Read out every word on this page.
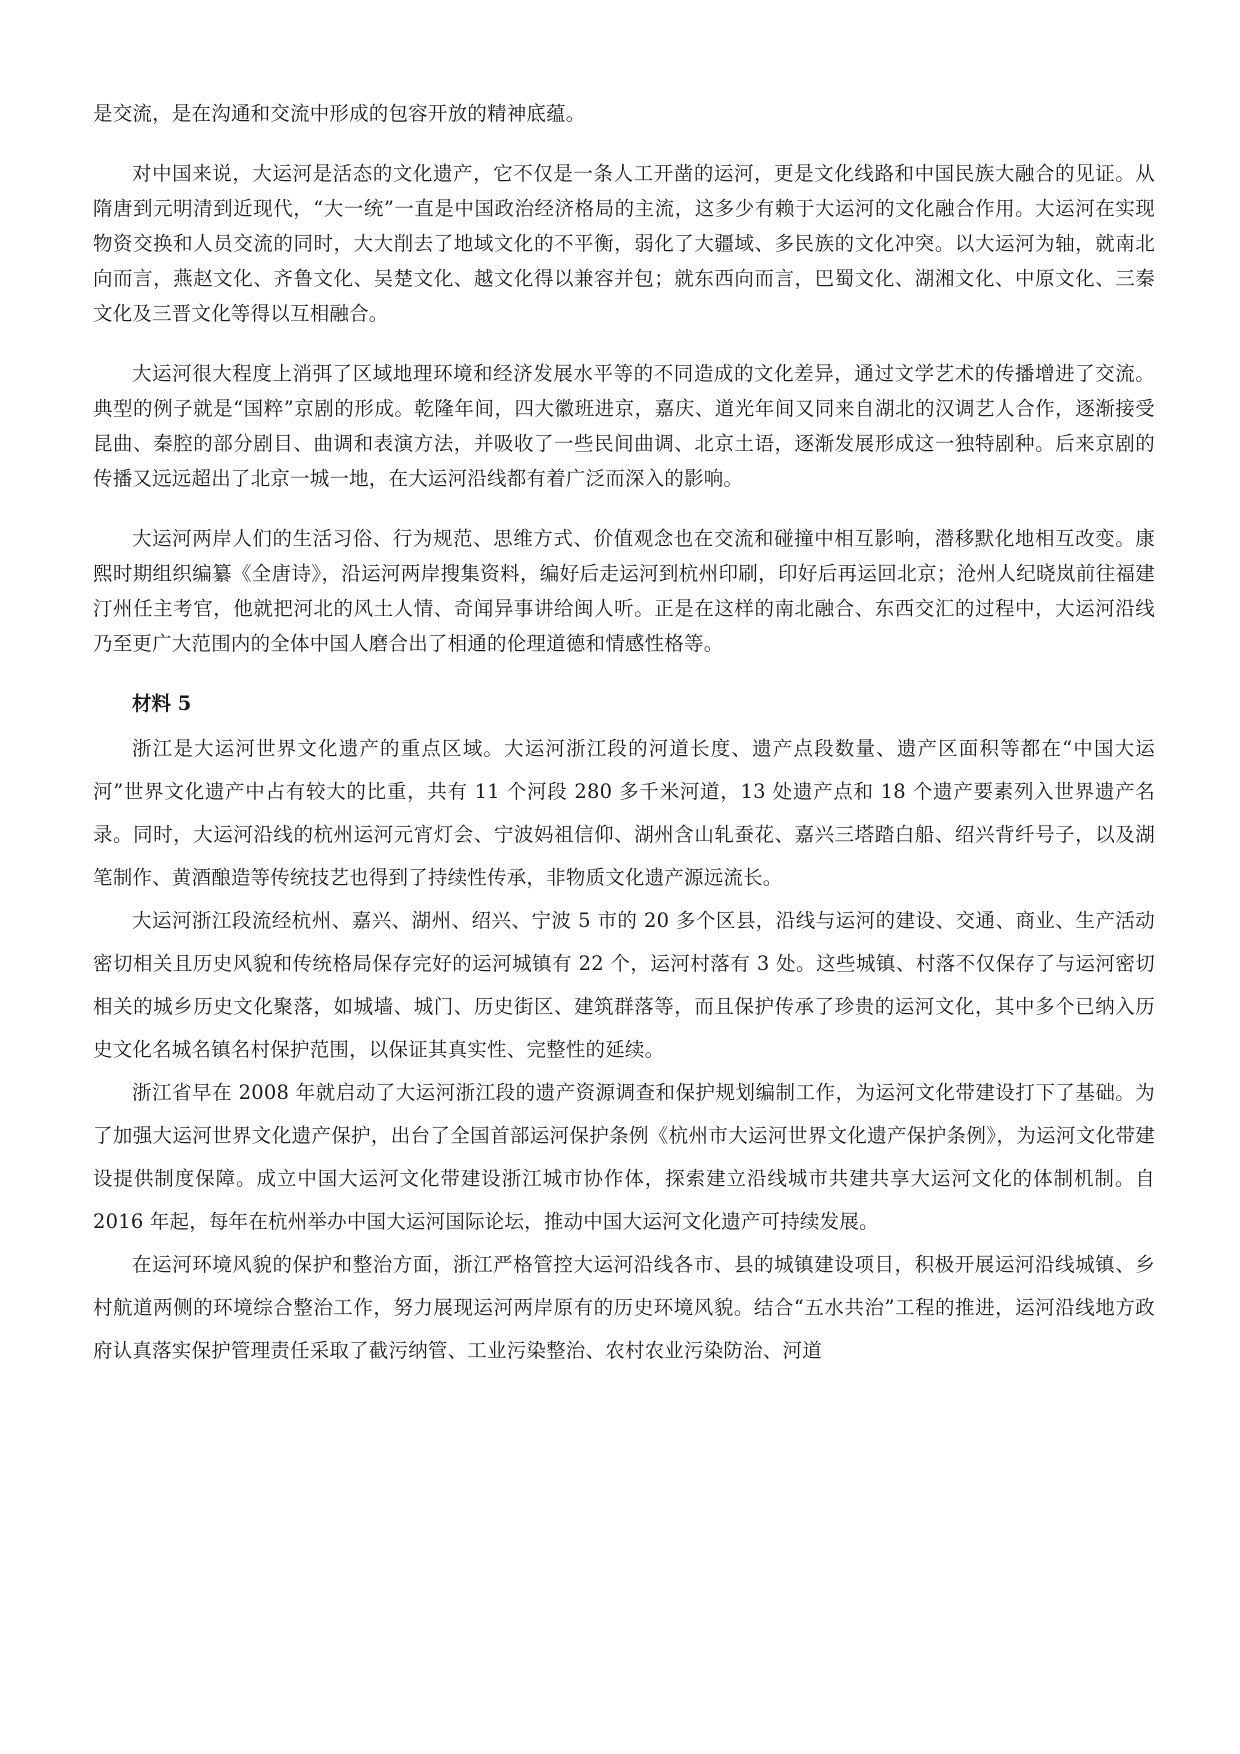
是交流，是在沟通和交流中形成的包容开放的精神底蕴。

对中国来说，大运河是活态的文化遗产，它不仅是一条人工开凿的运河，更是文化线路和中国民族大融合的见证。从隋唐到元明清到近现代，“大一统”一直是中国政治经济格局的主流，这多少有赖于大运河的文化融合作用。大运河在实现物资交换和人员交流的同时，大大削去了地域文化的不平衡，弱化了大疆域、多民族的文化冲突。以大运河为轴，就南北向而言，燕赵文化、齐鲁文化、吴楚文化、越文化得以兼容并包；就东西向而言，巴蜀文化、湖湘文化、中原文化、三秦文化及三晋文化等得以互相融合。

大运河很大程度上消弭了区域地理环境和经济发展水平等的不同造成的文化差异，通过文学艺术的传播增进了交流。典型的例子就是“国粹”京剧的形成。乾隆年间，四大徽班进京，嘉庆、道光年间又同来自湖北的汉调艺人合作，逐渐接受昆曲、秦腔的部分剧目、曲调和表演方法，并吸收了一些民间曲调、北京土语，逐渐发展形成这一独特剧种。后来京剧的传播又远远超出了北京一城一地，在大运河沿线都有着广泛而深入的影响。

大运河两岸人们的生活习俗、行为规范、思维方式、价值观念也在交流和碰撞中相互影响，潜移默化地相互改变。康熙时期组织编纂《全唐诗》，沿运河两岸搜集资料，编好后走运河到杭州印刷，印好后再运回北京；沧州人纪晓岚前往福建汀州任主考官，他就把河北的风土人情、奇闻异事讲给闽人听。正是在这样的南北融合、东西交汇的过程中，大运河沿线乃至更广大范围内的全体中国人磨合出了相通的伦理道德和情感性格等。

材料 5

浙江是大运河世界文化遗产的重点区域。大运河浙江段的河道长度、遗产点段数量、遗产区面积等都在“中国大运河”世界文化遗产中占有较大的比重，共有 11 个河段 280 多千米河道，13 处遗产点和 18 个遗产要素列入世界遗产名录。同时，大运河沿线的杭州运河元宵灯会、宁波妈祖信仰、湖州含山轧蚕花、嘉兴三塔踏白船、绍兴背纤号子，以及湖笔制作、黄酒酿造等传统技艺也得到了持续性传承，非物质文化遗产源远流长。

大运河浙江段流经杭州、嘉兴、湖州、绍兴、宁波 5 市的 20 多个区县，沿线与运河的建设、交通、商业、生产活动密切相关且历史风貌和传统格局保存完好的运河城镇有 22 个，运河村落有 3 处。这些城镇、村落不仅保存了与运河密切相关的城乡历史文化聚落，如城墙、城门、历史街区、建筑群落等，而且保护传承了珍贵的运河文化，其中多个已纳入历史文化名城名镇名村保护范围，以保证其真实性、完整性的延续。

浙江省早在 2008 年就启动了大运河浙江段的遗产资源调查和保护规划编制工作，为运河文化带建设打下了基础。为了加强大运河世界文化遗产保护，出台了全国首部运河保护条例《杭州市大运河世界文化遗产保护条例》，为运河文化带建设提供制度保障。成立中国大运河文化带建设浙江城市协作体，探索建立沿线城市共建共享大运河文化的体制机制。自 2016 年起，每年在杭州举办中国大运河国际论坛，推动中国大运河文化遗产可持续发展。

在运河环境风貌的保护和整治方面，浙江严格管控大运河沿线各市、县的城镇建设项目，积极开展运河沿线城镇、乡村航道两侧的环境综合整治工作，努力展现运河两岸原有的历史环境风貌。结合“五水共治”工程的推进，运河沿线地方政府认真落实保护管理责任采取了截污纳管、工业污染整治、农村农业污染防治、河道
